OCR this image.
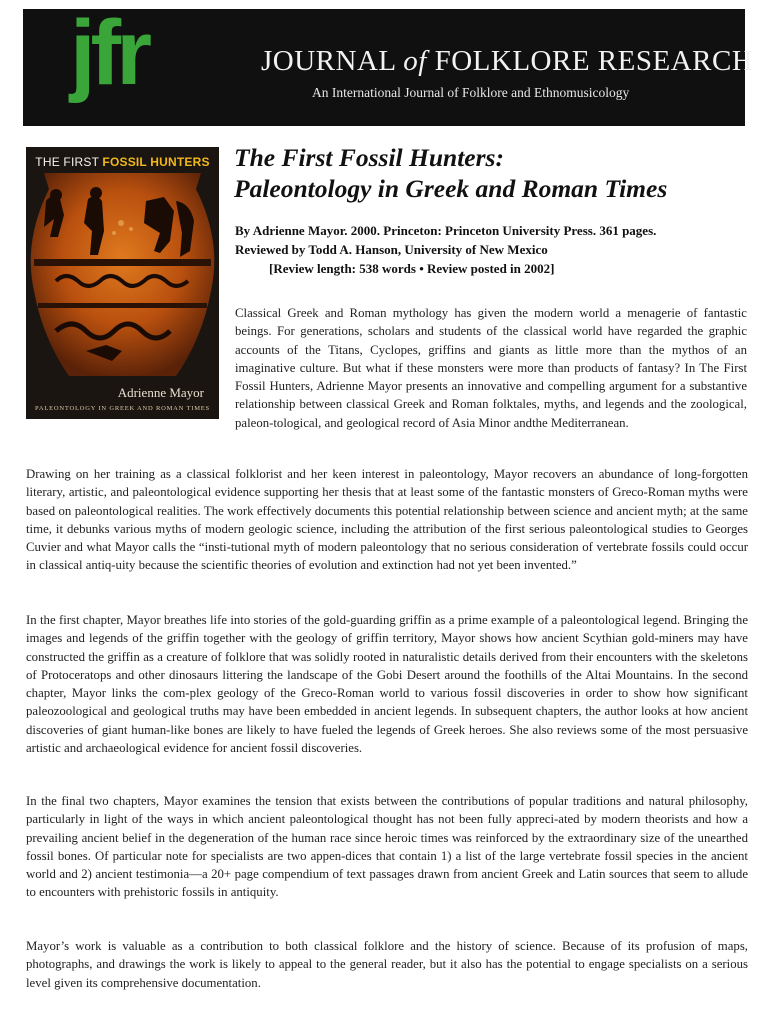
jfr	JOURNAL of FOLKLORE RESEARCH
An International Journal of Folklore and Ethnomusicology
THE FIRST FOSSIL HUNTERS
Adrienne Mayor
PALEONTOLOGY IN GREEK AND ROMAN TIMES
The First Fossil Hunters:
Paleontology in Greek and Roman Times
By Adrienne Mayor. 2000. Princeton: Princeton University Press. 361 pages.
Reviewed by Todd A. Hanson, University of New Mexico
[Review length: 538 words • Review posted in 2002]

Classical Greek and Roman mythology has given the modern world a menagerie of fantastic beings. For generations, scholars and students of the classical world have regarded the graphic accounts of the Titans, Cyclopes, griffins and giants as little more than the mythos of an imaginative culture. But what if these monsters were more than products of fantasy? In The First Fossil Hunters, Adrienne Mayor presents an innovative and compelling argument for a substantive relationship between classical Greek and Roman folktales, myths, and legends and the zoological, paleon-tological, and geological record of Asia Minor andthe Mediterranean.

Drawing on her training as a classical folklorist and her keen interest in paleontology, Mayor recovers an abundance of long-forgotten literary, artistic, and paleontological evidence supporting her thesis that at least some of the fantastic monsters of Greco-Roman myths were based on paleontological realities. The work effectively documents this potential relationship between science and ancient myth; at the same time, it debunks various myths of modern geologic science, including the attribution of the first serious paleontological studies to Georges Cuvier and what Mayor calls the “insti-tutional myth of modern paleontology that no serious consideration of vertebrate fossils could occur in classical antiq-uity because the scientific theories of evolution and extinction had not yet been invented.”

In the first chapter, Mayor breathes life into stories of the gold-guarding griffin as a prime example of a paleontological legend. Bringing the images and legends of the griffin together with the geology of griffin territory, Mayor shows how ancient Scythian gold-miners may have constructed the griffin as a creature of folklore that was solidly rooted in naturalistic details derived from their encounters with the skeletons of Protoceratops and other dinosaurs littering the landscape of the Gobi Desert around the foothills of the Altai Mountains. In the second chapter, Mayor links the com-plex geology of the Greco-Roman world to various fossil discoveries in order to show how significant paleozoological and geological truths may have been embedded in ancient legends. In subsequent chapters, the author looks at how ancient discoveries of giant human-like bones are likely to have fueled the legends of Greek heroes. She also reviews some of the most persuasive artistic and archaeological evidence for ancient fossil discoveries.

In the final two chapters, Mayor examines the tension that exists between the contributions of popular traditions and natural philosophy, particularly in light of the ways in which ancient paleontological thought has not been fully appreci-ated by modern theorists and how a prevailing ancient belief in the degeneration of the human race since heroic times was reinforced by the extraordinary size of the unearthed fossil bones. Of particular note for specialists are two appen-dices that contain 1) a list of the large vertebrate fossil species in the ancient world and 2) ancient testimonia—a 20+ page compendium of text passages drawn from ancient Greek and Latin sources that seem to allude to encounters with prehistoric fossils in antiquity.

Mayor’s work is valuable as a contribution to both classical folklore and the history of science. Because of its profusion of maps, photographs, and drawings the work is likely to appeal to the general reader, but it also has the potential to engage specialists on a serious level given its comprehensive documentation.
